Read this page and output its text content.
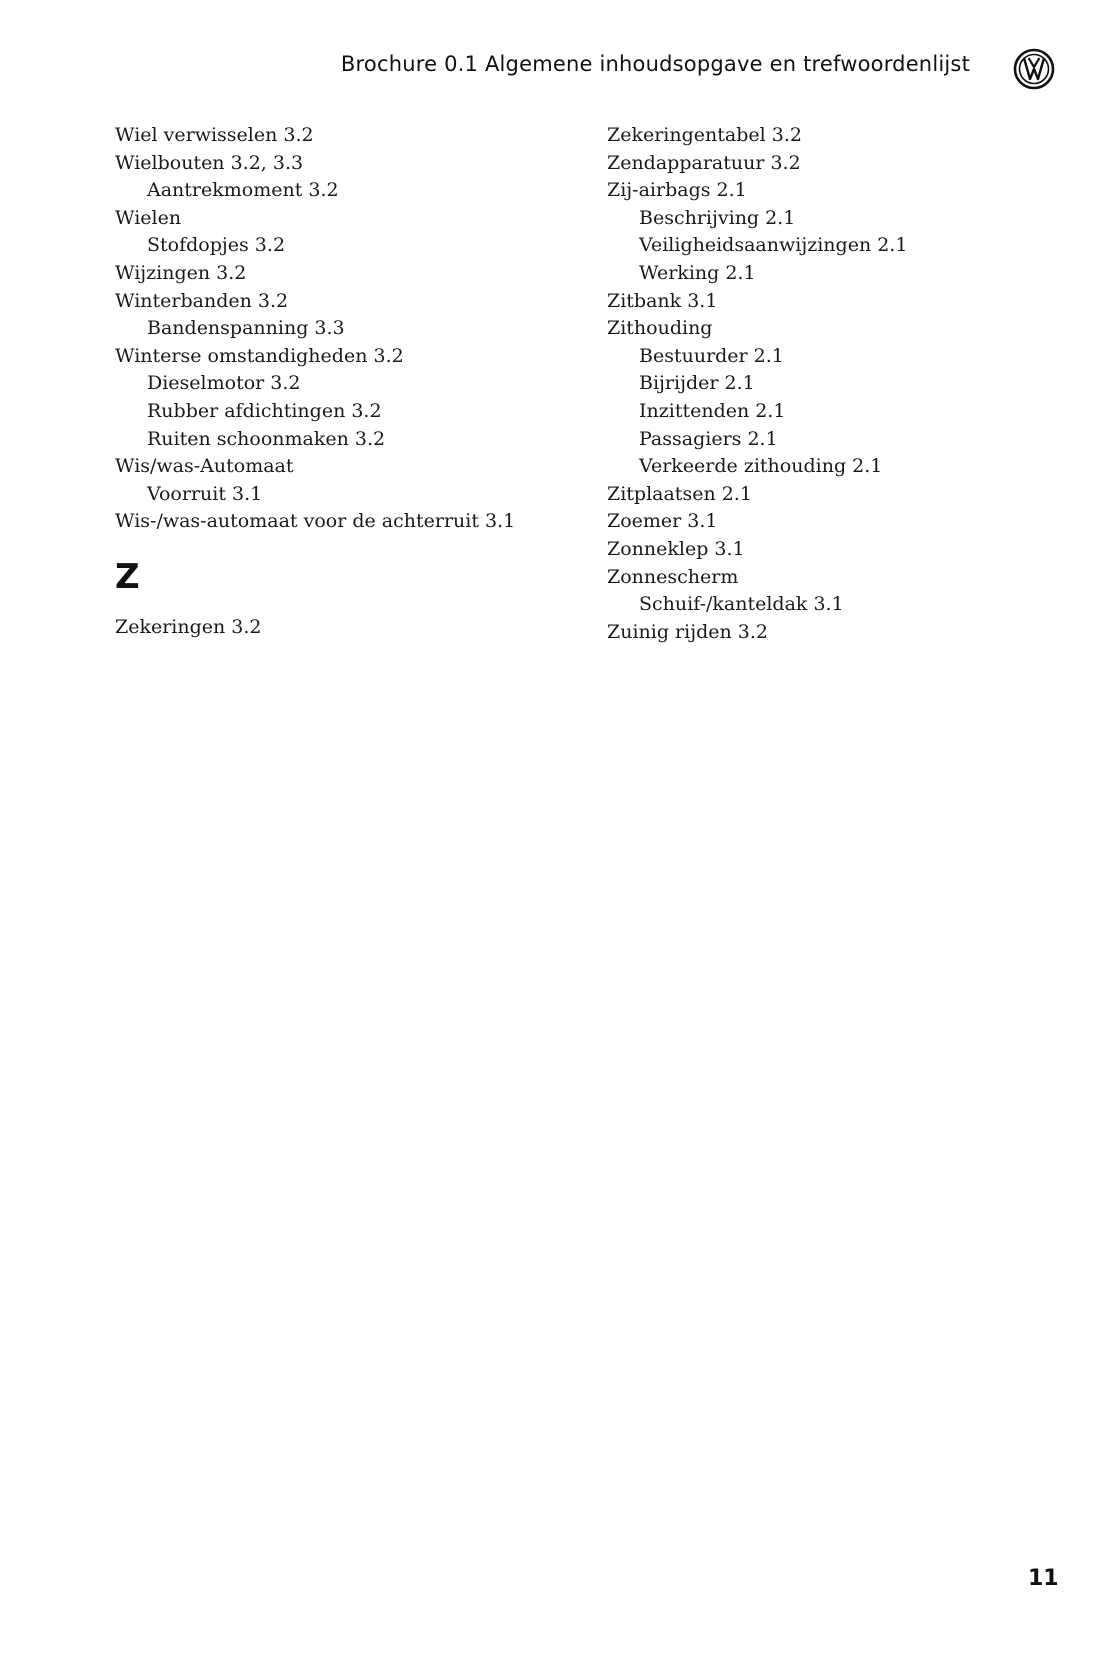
Brochure 0.1 Algemene inhoudsopgave en trefwoordenlijst
Wiel verwisselen 3.2
Wielbouten 3.2, 3.3
Aantrekmoment 3.2
Wielen
Stofdopjes 3.2
Wijzingen 3.2
Winterbanden 3.2
Bandenspanning 3.3
Winterse omstandigheden 3.2
Dieselmotor 3.2
Rubber afdichtingen 3.2
Ruiten schoonmaken 3.2
Wis/was-Automaat
Voorruit 3.1
Wis-/was-automaat voor de achterruit 3.1
Z
Zekeringen 3.2
Zekeringentabel 3.2
Zendapparatuur 3.2
Zij-airbags 2.1
Beschrijving 2.1
Veiligheidsaanwijzingen 2.1
Werking 2.1
Zitbank 3.1
Zithouding
Bestuurder 2.1
Bijrijder 2.1
Inzittenden 2.1
Passagiers 2.1
Verkeerde zithouding 2.1
Zitplaatsen 2.1
Zoemer 3.1
Zonneklep 3.1
Zonnescherm
Schuif-/kanteldak 3.1
Zuinig rijden 3.2
11
